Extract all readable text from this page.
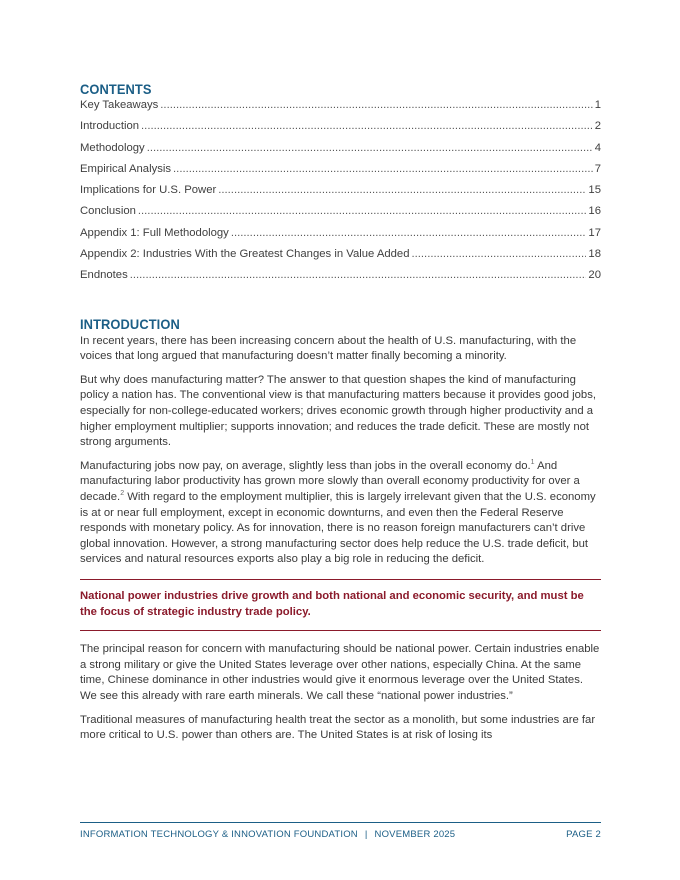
CONTENTS
Key Takeaways .....	1
Introduction .....	2
Methodology .....	4
Empirical Analysis .....	7
Implications for U.S. Power .....	15
Conclusion .....	16
Appendix 1: Full Methodology .....	17
Appendix 2: Industries With the Greatest Changes in Value Added .....	18
Endnotes .....	20
INTRODUCTION

In recent years, there has been increasing concern about the health of U.S. manufacturing, with the voices that long argued that manufacturing doesn’t matter finally becoming a minority.

But why does manufacturing matter? The answer to that question shapes the kind of manufacturing policy a nation has. The conventional view is that manufacturing matters because it provides good jobs, especially for non-college-educated workers; drives economic growth through higher productivity and a higher employment multiplier; supports innovation; and reduces the trade deficit. These are mostly not strong arguments.

Manufacturing jobs now pay, on average, slightly less than jobs in the overall economy do.$^1$ And manufacturing labor productivity has grown more slowly than overall economy productivity for over a decade.$^2$ With regard to the employment multiplier, this is largely irrelevant given that the U.S. economy is at or near full employment, except in economic downturns, and even then the Federal Reserve responds with monetary policy. As for innovation, there is no reason foreign manufacturers can’t drive global innovation. However, a strong manufacturing sector does help reduce the U.S. trade deficit, but services and natural resources exports also play a big role in reducing the deficit.

National power industries drive growth and both national and economic security, and must be the focus of strategic industry trade policy.

The principal reason for concern with manufacturing should be national power. Certain industries enable a strong military or give the United States leverage over other nations, especially China. At the same time, Chinese dominance in other industries would give it enormous leverage over the United States. We see this already with rare earth minerals. We call these “national power industries.”

Traditional measures of manufacturing health treat the sector as a monolith, but some industries are far more critical to U.S. power than others are. The United States is at risk of losing its

INFORMATION TECHNOLOGY & INNOVATION FOUNDATION | NOVEMBER 2025	PAGE 2
